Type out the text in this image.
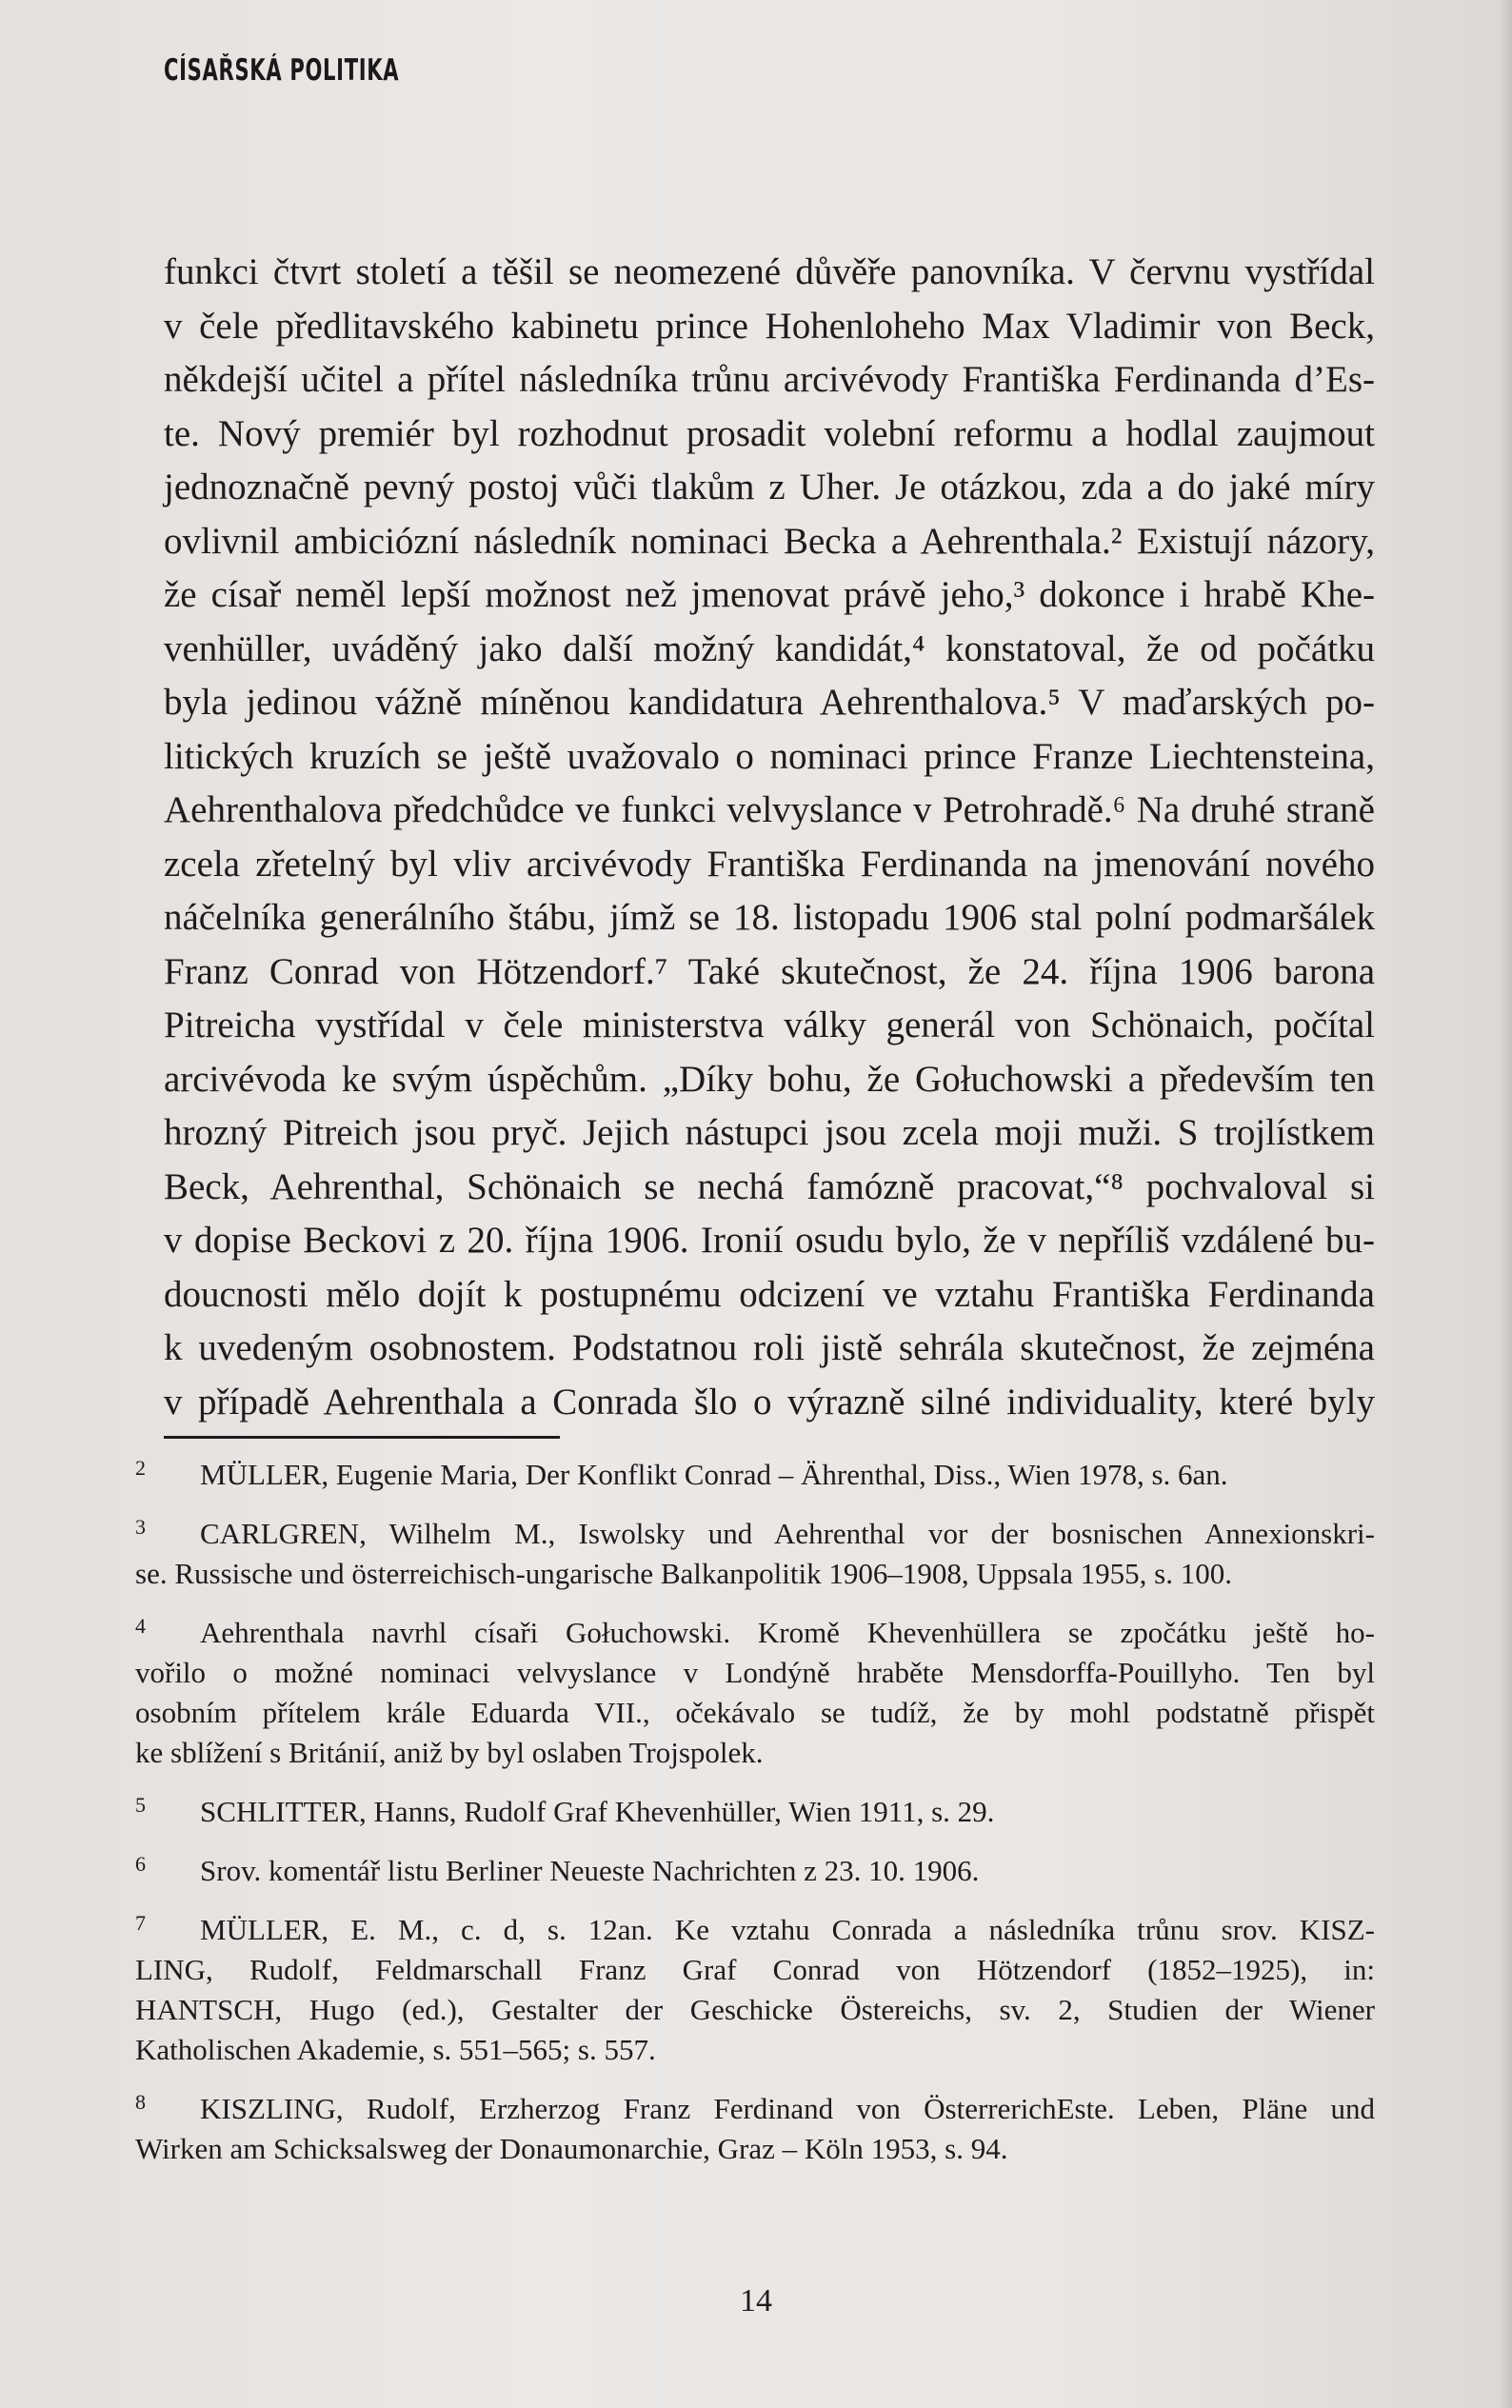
CÍSAŘSKÁ POLITIKA
funkci čtvrt století a těšil se neomezené důvěře panovníka. V červnu vystřídal
v čele předlitavského kabinetu prince Hohenloheho Max Vladimir von Beck,
někdejší učitel a přítel následníka trůnu arcivévody Františka Ferdinanda d’Es-
te. Nový premiér byl rozhodnut prosadit volební reformu a hodlal zaujmout
jednoznačně pevný postoj vůči tlakům z Uher. Je otázkou, zda a do jaké míry
ovlivnil ambiciózní následník nominaci Becka a Aehrenthala.² Existují názory,
že císař neměl lepší možnost než jmenovat právě jeho,³ dokonce i hrabě Khe-
venhüller, uváděný jako další možný kandidát,⁴ konstatoval, že od počátku
byla jedinou vážně míněnou kandidatura Aehrenthalova.⁵ V maďarských po-
litických kruzích se ještě uvažovalo o nominaci prince Franze Liechtensteina,
Aehrenthalova předchůdce ve funkci velvyslance v Petrohradě.⁶ Na druhé straně
zcela zřetelný byl vliv arcivévody Františka Ferdinanda na jmenování nového
náčelníka generálního štábu, jímž se 18. listopadu 1906 stal polní podmaršálek
Franz Conrad von Hötzendorf.⁷ Také skutečnost, že 24. října 1906 barona
Pitreicha vystřídal v čele ministerstva války generál von Schönaich, počítal
arcivévoda ke svým úspěchům. „Díky bohu, že Gołuchowski a především ten
hrozný Pitreich jsou pryč. Jejich nástupci jsou zcela moji muži. S trojlístkem
Beck, Aehrenthal, Schönaich se nechá famózně pracovat,“⁸ pochvaloval si
v dopise Beckovi z 20. října 1906. Ironií osudu bylo, že v nepříliš vzdálené bu-
doucnosti mělo dojít k postupnému odcizení ve vztahu Františka Ferdinanda
k uvedeným osobnostem. Podstatnou roli jistě sehrála skutečnost, že zejména
v případě Aehrenthala a Conrada šlo o výrazně silné individuality, které byly
2	MÜLLER, Eugenie Maria, Der Konflikt Conrad – Ährenthal, Diss., Wien 1978, s. 6an.
3	CARLGREN, Wilhelm M., Iswolsky und Aehrenthal vor der bosnischen Annexionskri-
se. Russische und österreichisch-ungarische Balkanpolitik 1906–1908, Uppsala 1955, s. 100.
4	Aehrenthala navrhl císaři Gołuchowski. Kromě Khevenhüllera se zpočátku ještě ho-
vořilo o možné nominaci velvyslance v Londýně hraběte Mensdorffa-Pouillyho. Ten byl
osobním přítelem krále Eduarda VII., očekávalo se tudíž, že by mohl podstatně přispět
ke sblížení s Británií, aniž by byl oslaben Trojspolek.
5	SCHLITTER, Hanns, Rudolf Graf Khevenhüller, Wien 1911, s. 29.
6	Srov. komentář listu Berliner Neueste Nachrichten z 23. 10. 1906.
7	MÜLLER, E. M., c. d, s. 12an. Ke vztahu Conrada a následníka trůnu srov. KISZ-
LING, Rudolf, Feldmarschall Franz Graf Conrad von Hötzendorf (1852–1925), in:
HANTSCH, Hugo (ed.), Gestalter der Geschicke Östereichs, sv. 2, Studien der Wiener
Katholischen Akademie, s. 551–565; s. 557.
8	KISZLING, Rudolf, Erzherzog Franz Ferdinand von ÖsterrerichEste. Leben, Pläne und
Wirken am Schicksalsweg der Donaumonarchie, Graz – Köln 1953, s. 94.
14
